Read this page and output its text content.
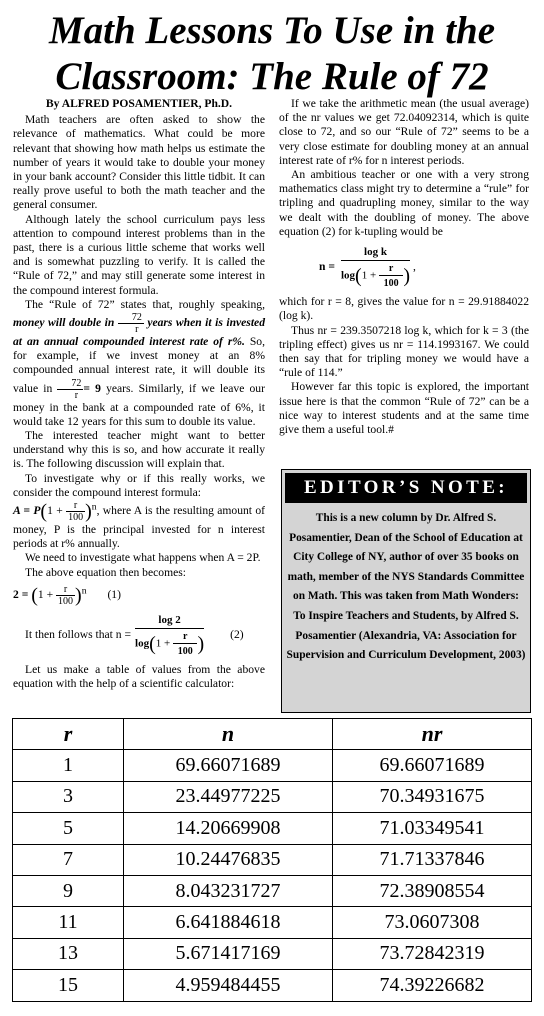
Math Lessons To Use in the
Classroom: The Rule of 72
By ALFRED POSAMENTIER, Ph.D.

Math teachers are often asked to show the relevance of mathematics. What could be more relevant that showing how math helps us estimate the number of years it would take to double your money in your bank account? Consider this little tidbit. It can really prove useful to both the math teacher and the general consumer.

Although lately the school curriculum pays less attention to compound interest problems than in the past, there is a curious little scheme that works well and is somewhat puzzling to verify. It is called the “Rule of 72,” and may still generate some interest in the compound interest formula.

The “Rule of 72” states that, roughly speaking, money will double in $\frac{72}{r}$ years when it is invested at an annual compounded interest rate of r%. So, for example, if we invest money at an 8% compounded annual interest rate, it will double its value in $\frac{72}{r} = 9$ years. Similarly, if we leave our money in the bank at a compounded rate of 6%, it would take 12 years for this sum to double its value.

The interested teacher might want to better understand why this is so, and how accurate it really is. The following discussion will explain that.

To investigate why or if this really works, we consider the compound interest formula:

$A = P(1 + \frac{r}{100} )^n$, where A is the resulting amount of money, P is the principal invested for n interest periods at r% annually.

We need to investigate what happens when A = 2P.

The above equation then becomes:

$2 = (1 + \frac{r}{100} )^n$ (1)
It then follows that $n = \frac{\log 2}{\log(1 + \frac{r}{100} )} (2)$

Let us make a table of values from the above equation with the help of a scientific calculator:

If we take the arithmetic mean (the usual average) of the nr values we get 72.04092314, which is quite close to 72, and so our “Rule of 72” seems to be a very close estimate for doubling money at an annual interest rate of r% for n interest periods.

An ambitious teacher or one with a very strong mathematics class might try to determine a “rule” for tripling and quadrupling money, similar to the way we dealt with the doubling of money. The above equation (2) for k-tupling would be

$n = \frac{\text{log k}}{\log(1 + \frac{r}{100} )}$ ,

which for r = 8, gives the value for n = 29.91884022 (log k).

Thus nr = 239.3507218 log k, which for k = 3 (the tripling effect) gives us nr = 114.1993167. We could then say that for tripling money we would have a “rule of 114.”

However far this topic is explored, the important issue here is that the common “Rule of 72” can be a nice way to interest students and at the same time give them a useful tool.#

EDITOR’S NOTE:
This is a new column by Dr. Alfred S. Posamentier, Dean of the School of Education at City College of NY, author of over 35 books on math, member of the NYS Standards Committee on Math. This was taken from Math Wonders: To Inspire Teachers and Students, by Alfred S. Posamentier (Alexandria, VA: Association for Supervision and Curriculum Development, 2003)
r	n	nr
1	69.66071689	69.66071689
3	23.44977225	70.34931675
5	14.20669908	71.03349541
7	10.24476835	71.71337846
9	8.043231727	72.38908554
11	6.641884618	73.0607308
13	5.671417169	73.72842319
15	4.959484455	74.39226682
